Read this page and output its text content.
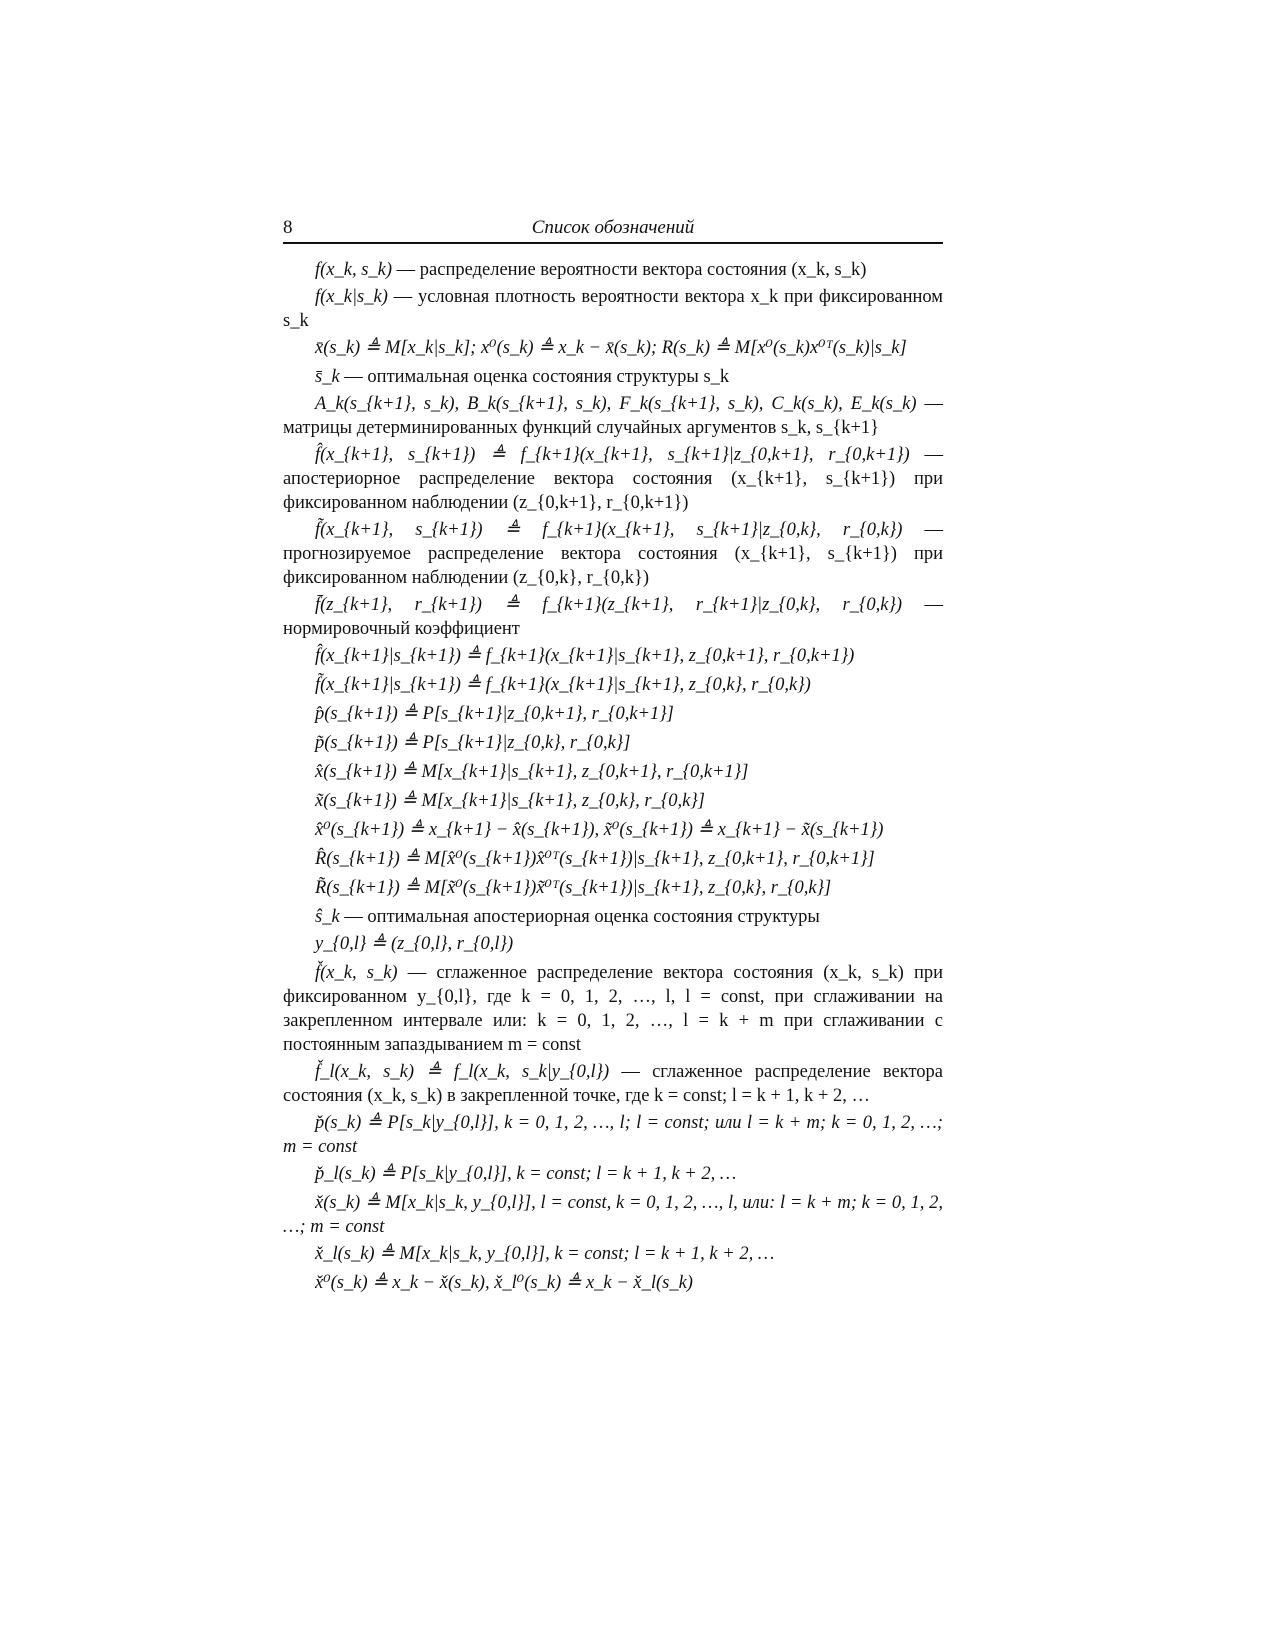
8	Список обозначений

f(x_k, s_k) — распределение вероятности вектора состояния (x_k, s_k)

f(x_k|s_k) — условная плотность вероятности вектора x_k при фиксированном s_k

x̄(s_k) ≜ M[x_k|s_k]; x⁰(s_k) ≜ x_k − x̄(s_k); R(s_k) ≜ M[x⁰(s_k)x⁰ᵀ(s_k)|s_k]

s̄_k — оптимальная оценка состояния структуры s_k

A_k(s_{k+1}, s_k), B_k(s_{k+1}, s_k), F_k(s_{k+1}, s_k), C_k(s_k), E_k(s_k) — матрицы детерминированных функций случайных аргументов s_k, s_{k+1}

f̂(x_{k+1}, s_{k+1}) ≜ f_{k+1}(x_{k+1}, s_{k+1}|z_{0,k+1}, r_{0,k+1}) — апостериорное распределение вектора состояния (x_{k+1}, s_{k+1}) при фиксированном наблюдении (z_{0,k+1}, r_{0,k+1})

f̃(x_{k+1}, s_{k+1}) ≜ f_{k+1}(x_{k+1}, s_{k+1}|z_{0,k}, r_{0,k}) — прогнозируемое распределение вектора состояния (x_{k+1}, s_{k+1}) при фиксированном наблюдении (z_{0,k}, r_{0,k})

f̄(z_{k+1}, r_{k+1}) ≜ f_{k+1}(z_{k+1}, r_{k+1}|z_{0,k}, r_{0,k}) — нормировочный коэффициент

f̂(x_{k+1}|s_{k+1}) ≜ f_{k+1}(x_{k+1}|s_{k+1}, z_{0,k+1}, r_{0,k+1})

f̃(x_{k+1}|s_{k+1}) ≜ f_{k+1}(x_{k+1}|s_{k+1}, z_{0,k}, r_{0,k})

p̂(s_{k+1}) ≜ P[s_{k+1}|z_{0,k+1}, r_{0,k+1}]

p̃(s_{k+1}) ≜ P[s_{k+1}|z_{0,k}, r_{0,k}]

x̂(s_{k+1}) ≜ M[x_{k+1}|s_{k+1}, z_{0,k+1}, r_{0,k+1}]

x̃(s_{k+1}) ≜ M[x_{k+1}|s_{k+1}, z_{0,k}, r_{0,k}]

x̂⁰(s_{k+1}) ≜ x_{k+1} − x̂(s_{k+1}), x̃⁰(s_{k+1}) ≜ x_{k+1} − x̃(s_{k+1})

R̂(s_{k+1}) ≜ M[x̂⁰(s_{k+1})x̂⁰ᵀ(s_{k+1})|s_{k+1}, z_{0,k+1}, r_{0,k+1}]

R̃(s_{k+1}) ≜ M[x̃⁰(s_{k+1})x̃⁰ᵀ(s_{k+1})|s_{k+1}, z_{0,k}, r_{0,k}]

ŝ_k — оптимальная апостериорная оценка состояния структуры

y_{0,l} ≜ (z_{0,l}, r_{0,l})

f̌(x_k, s_k) — сглаженное распределение вектора состояния (x_k, s_k) при фиксированном y_{0,l}, где k = 0, 1, 2, …, l, l = const, при сглаживании на закрепленном интервале или: k = 0, 1, 2, …, l = k + m при сглаживании с постоянным запаздыванием m = const

f̌_l(x_k, s_k) ≜ f_l(x_k, s_k|y_{0,l}) — сглаженное распределение вектора состояния (x_k, s_k) в закрепленной точке, где k = const; l = k + 1, k + 2, …

p̌(s_k) ≜ P[s_k|y_{0,l}], k = 0, 1, 2, …, l; l = const; или l = k + m; k = 0, 1, 2, …; m = const

p̌_l(s_k) ≜ P[s_k|y_{0,l}], k = const; l = k + 1, k + 2, …

x̌(s_k) ≜ M[x_k|s_k, y_{0,l}], l = const, k = 0, 1, 2, …, l, или: l = k + m; k = 0, 1, 2, …; m = const

x̌_l(s_k) ≜ M[x_k|s_k, y_{0,l}], k = const; l = k + 1, k + 2, …

x̌⁰(s_k) ≜ x_k − x̌(s_k), x̌_l⁰(s_k) ≜ x_k − x̌_l(s_k)
